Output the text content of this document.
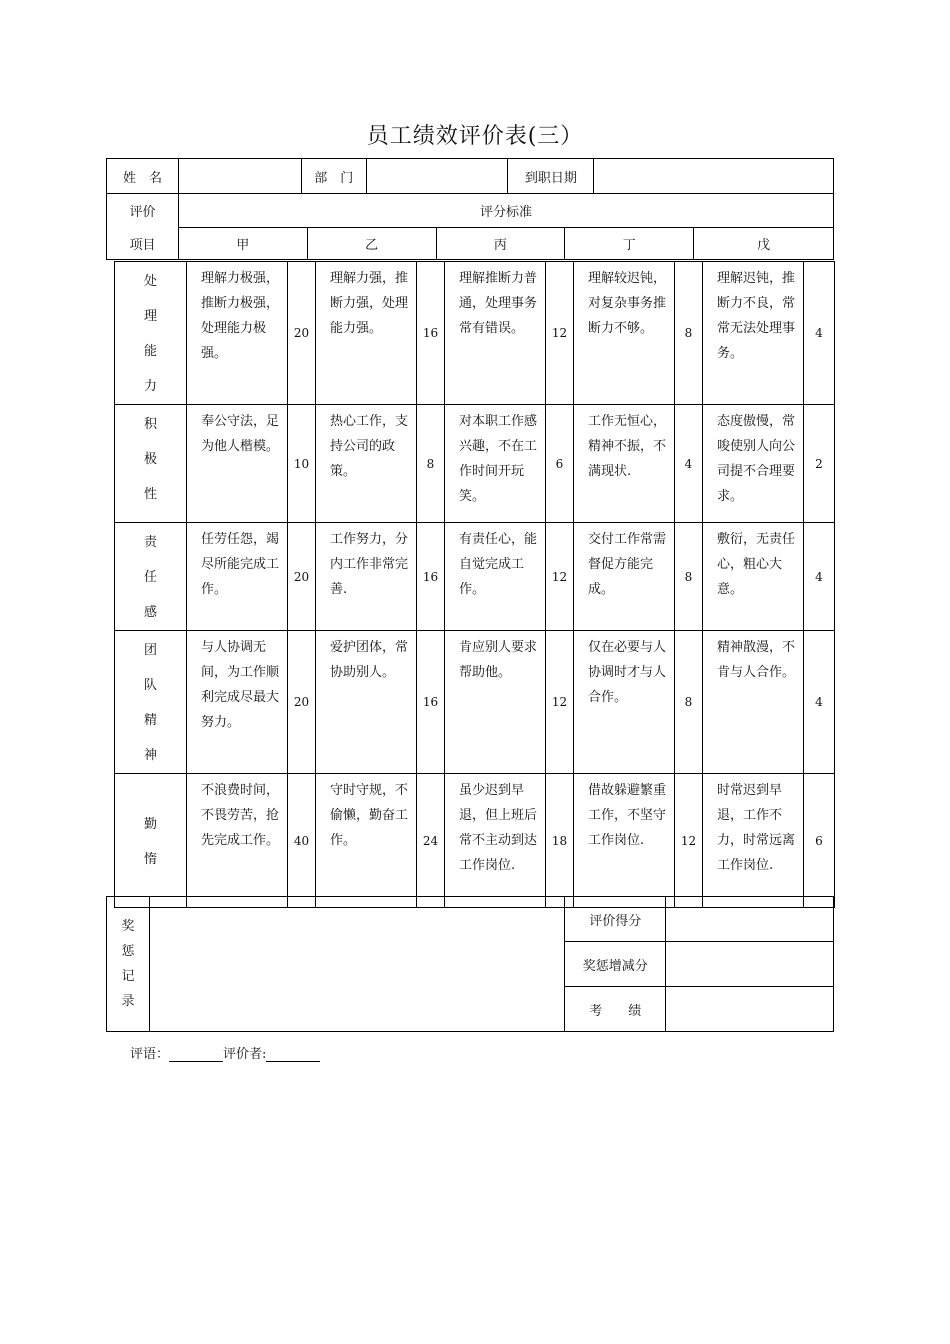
员工绩效评价表(三）
姓　名		部　门		到职日期	
评价	评分标准				
项目	甲	乙	丙	丁	戊
处
理
能
力	理解力极强，推断力极强，处理能力极强。	20	理解力强，推断力强，处理能力强。	16	理解推断力普通，处理事务常有错误。	12	理解较迟钝，对复杂事务推断力不够。	8	理解迟钝，推断力不良，常常无法处理事务。	4

积
极
性	奉公守法，足为他人楷模。	10	热心工作，支持公司的政策。	8	对本职工作感兴趣，不在工作时间开玩笑。	6	工作无恒心，精神不振，不满现状.	4	态度傲慢，常唆使别人向公司提不合理要求。	2

责
任
感	任劳任怨，竭尽所能完成工作。	20	工作努力，分内工作非常完善.	16	有责任心，能自觉完成工作。	12	交付工作常需督促方能完成。	8	敷衍，无责任心，粗心大意。	4

团
队
精
神	与人协调无间，为工作顺利完成尽最大努力。	20	爱护团体，常协助别人。	16	肯应别人要求帮助他。	12	仅在必要与人协调时才与人合作。	8	精神散漫，不肯与人合作。	4

勤
惰	不浪费时间，不畏劳苦，抢先完成工作。	40	守时守规，不偷懒，勤奋工作。	24	虽少迟到早退，但上班后常不主动到达工作岗位.	18	借故躲避繁重工作，不坚守工作岗位.	12	时常迟到早退，工作不力，时常远离工作岗位.	6
奖
惩
记
录		评价得分	
		奖惩增减分	
		考　　绩	
评语：	评价者:
